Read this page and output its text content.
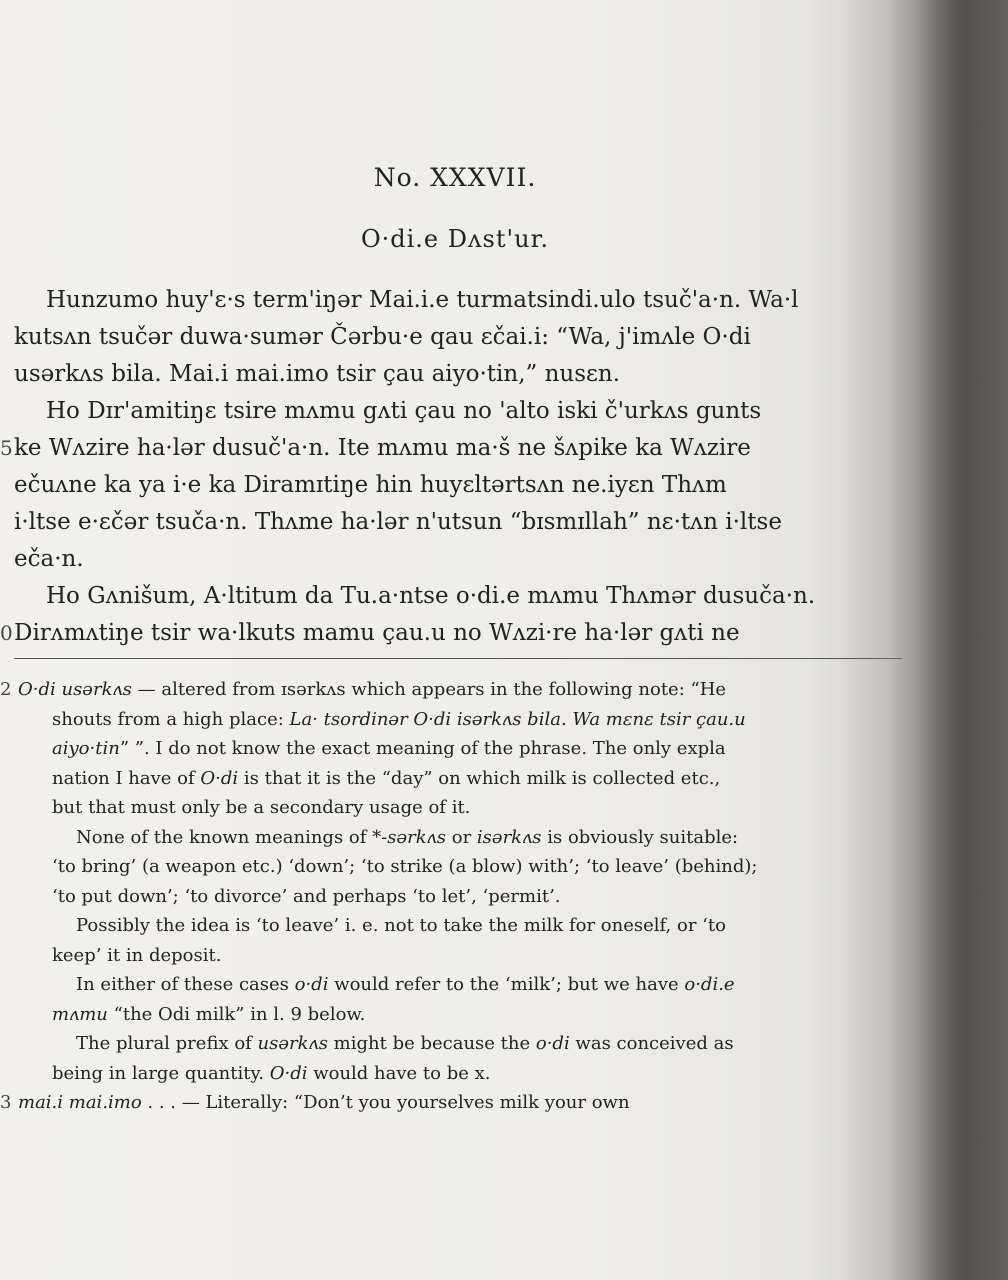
No. XXXVII.
O·di.e Dʌst'ur.
Hunzumo huy'ɛ·s term'iŋər Mai.i.e turmatsindi.ulo tsuč'a·n. Wa·l
kutsʌn tsučər duwa·sumər Čərbu·e qau ɛčai.i: “Wa, j'imʌle O·di
usərkʌs bila. Mai.i mai.imo tsir çau aiyo·tin,” nusɛn.
Ho Dɪr'amitiŋɛ tsire mʌmu gʌti çau no 'alto iski č'urkʌs gunts
5 ke Wʌzire ha·lər dusuč'a·n. Ite mʌmu ma·š ne šʌpike ka Wʌzire
ečuʌne ka ya i·e ka Diramɪtiŋe hin huyɛltərtsʌn ne.iyɛn Thʌm
i·ltse e·ɛčər tsuča·n. Thʌme ha·lər n'utsun “bɪsmɪllah” nɛ·tʌn i·ltse
eča·n.
Ho Gʌnišum, A·ltitum da Tu.a·ntse o·di.e mʌmu Thʌmər dusuča·n.
0 Dirʌmʌtiŋe tsir wa·lkuts mamu çau.u no Wʌzi·re ha·lər gʌti ne
2 O·di usərkʌs — altered from ɪsərkʌs which appears in the following note: “He
shouts from a high place: La· tsordinər O·di isərkʌs bila. Wa mɛnɛ tsir çau.u
aiyo·tin” ”. I do not know the exact meaning of the phrase. The only expla
nation I have of O·di is that it is the “day” on which milk is collected etc.,
but that must only be a secondary usage of it.
None of the known meanings of *-sərkʌs or isərkʌs is obviously suitable:
‘to bring’ (a weapon etc.) ‘down’; ‘to strike (a blow) with’; ‘to leave’ (behind);
‘to put down’; ‘to divorce’ and perhaps ‘to let’, ‘permit’.
Possibly the idea is ‘to leave’ i. e. not to take the milk for oneself, or ‘to
keep’ it in deposit.
In either of these cases o·di would refer to the ‘milk’; but we have o·di.e
mʌmu “the Odi milk” in l. 9 below.
The plural prefix of usərkʌs might be because the o·di was conceived as
being in large quantity. O·di would have to be x.
3 mai.i mai.imo . . . — Literally: “Don’t you yourselves milk your own
